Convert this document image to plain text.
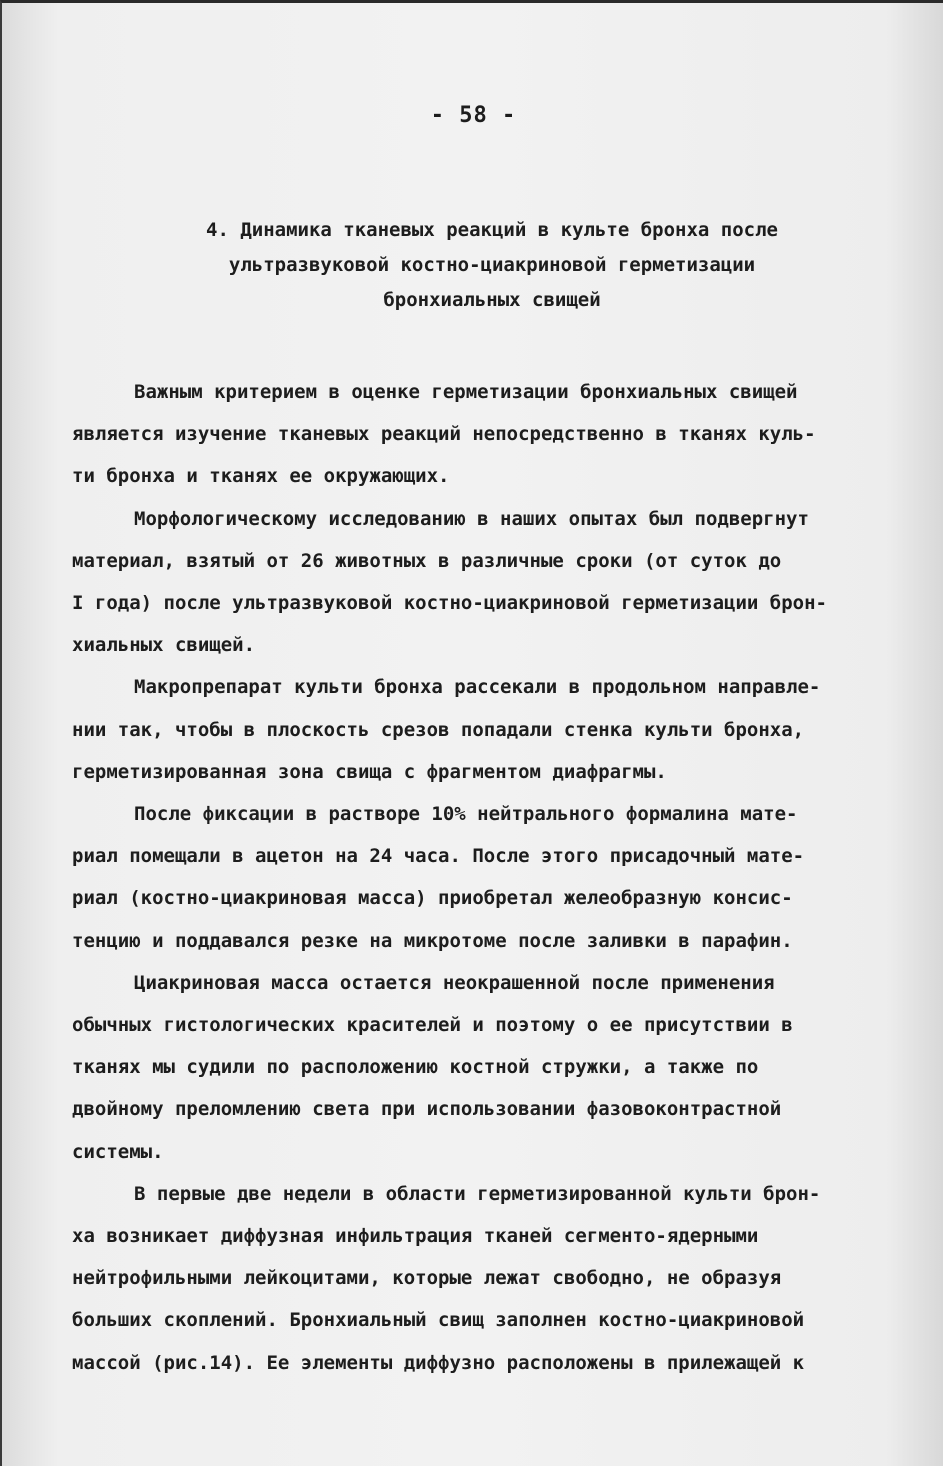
- 58 -
4. Динамика тканевых реакций в культе бронха после
ультразвуковой костно-циакриновой герметизации
бронхиальных свищей

Важным критерием в оценке герметизации бронхиальных свищей
является изучение тканевых реакций непосредственно в тканях куль-
ти бронха и тканях ее окружающих.

Морфологическому исследованию в наших опытах был подвергнут
материал, взятый от 26 животных в различные сроки (от суток до
I года) после ультразвуковой костно-циакриновой герметизации брон-
хиальных свищей.

Макропрепарат культи бронха рассекали в продольном направле-
нии так, чтобы в плоскость срезов попадали стенка культи бронха,
герметизированная зона свища с фрагментом диафрагмы.

После фиксации в растворе 10% нейтрального формалина мате-
риал помещали в ацетон на 24 часа. После этого присадочный мате-
риал (костно-циакриновая масса) приобретал желеобразную консис-
тенцию и поддавался резке на микротоме после заливки в парафин.

Циакриновая масса остается неокрашенной после применения
обычных гистологических красителей и поэтому о ее присутствии в
тканях мы судили по расположению костной стружки, а также по
двойному преломлению света при использовании фазовоконтрастной
системы.

В первые две недели в области герметизированной культи брон-
ха возникает диффузная инфильтрация тканей сегменто-ядерными
нейтрофильными лейкоцитами, которые лежат свободно, не образуя
больших скоплений. Бронхиальный свищ заполнен костно-циакриновой
массой (рис.14). Ее элементы диффузно расположены в прилежащей к
